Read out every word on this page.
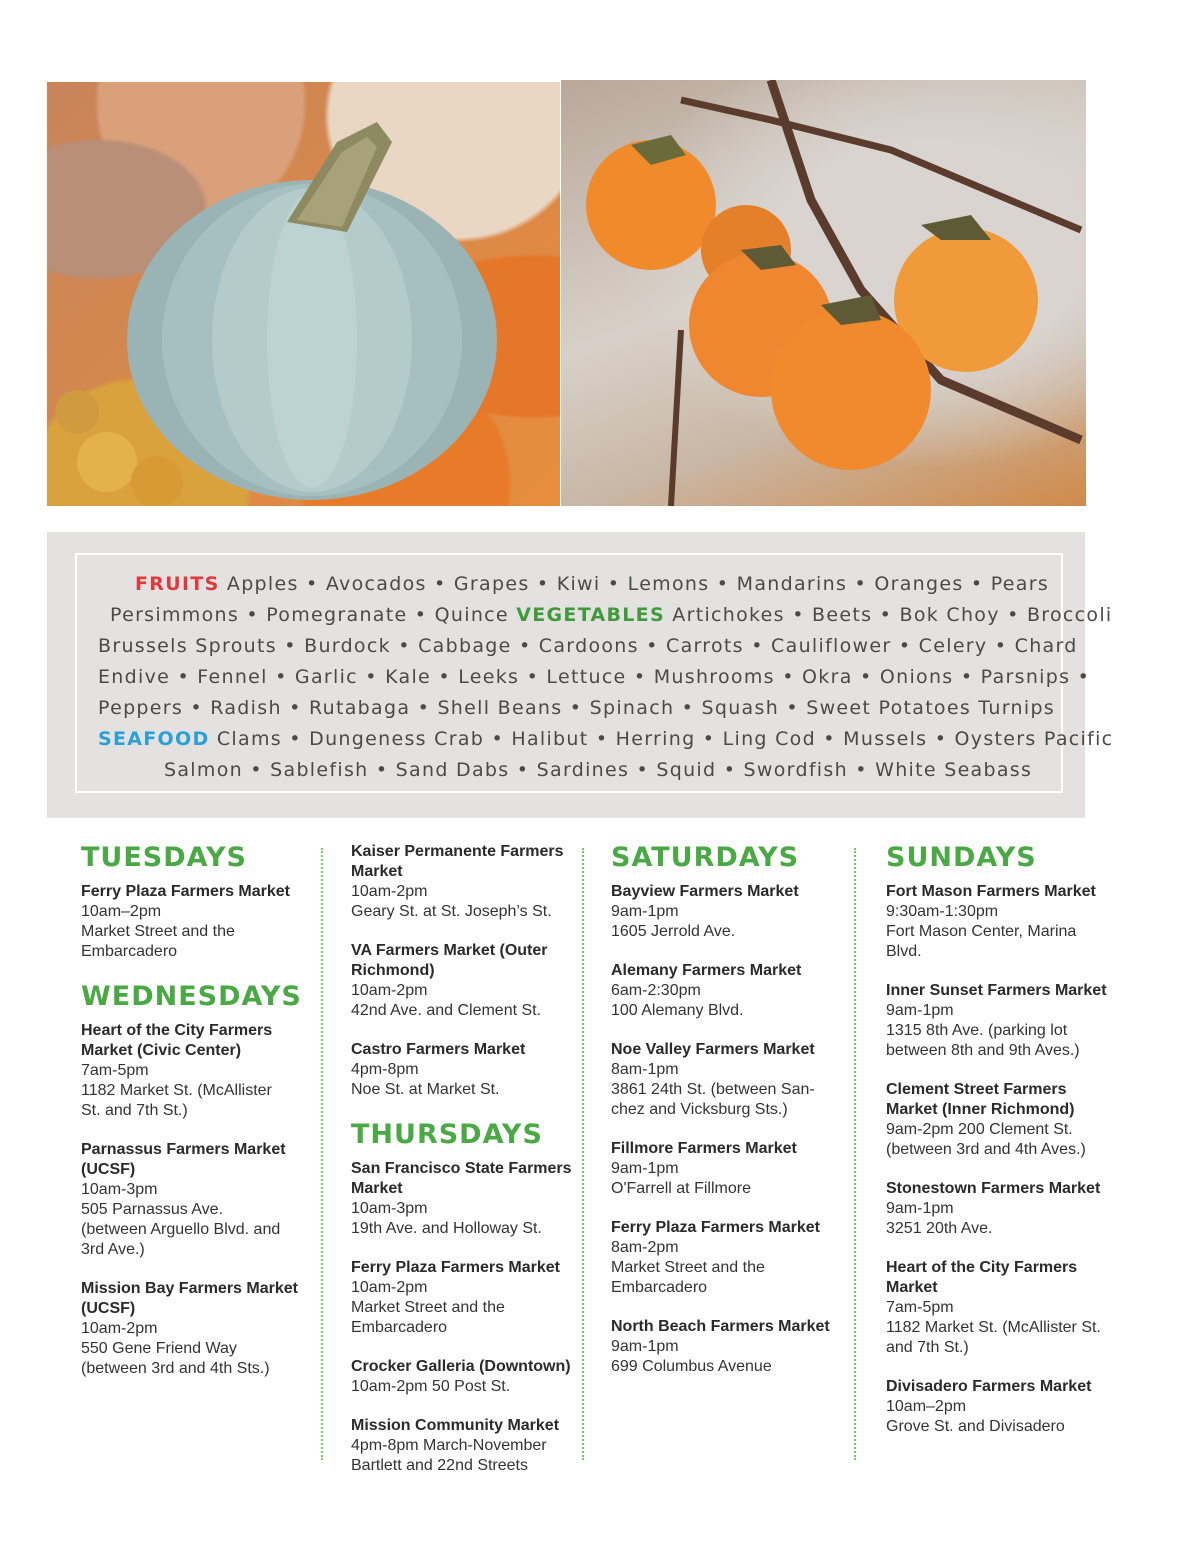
FRUITS Apples • Avocados • Grapes • Kiwi • Lemons • Mandarins • Oranges • Pears
Persimmons • Pomegranate • Quince VEGETABLES Artichokes • Beets • Bok Choy • Broccoli
Brussels Sprouts • Burdock • Cabbage • Cardoons • Carrots • Cauliflower • Celery • Chard
Endive • Fennel • Garlic • Kale • Leeks • Lettuce • Mushrooms • Okra • Onions • Parsnips •
Peppers • Radish • Rutabaga • Shell Beans • Spinach • Squash • Sweet Potatoes Turnips
SEAFOOD Clams • Dungeness Crab • Halibut • Herring • Ling Cod • Mussels • Oysters Pacific
Salmon • Sablefish • Sand Dabs • Sardines • Squid • Swordfish • White Seabass
TUESDAYS
Ferry Plaza Farmers Market
10am–2pm
Market Street and the
Embarcadero
WEDNESDAYS
Heart of the City Farmers Market (Civic Center)
7am-5pm
1182 Market St. (McAllister
St. and 7th St.)
Parnassus Farmers Market (UCSF)
10am-3pm
505 Parnassus Ave.
(between Arguello Blvd. and
3rd Ave.)
Mission Bay Farmers Market (UCSF)
10am-2pm
550 Gene Friend Way
(between 3rd and 4th Sts.)
Kaiser Permanente Farmers Market
10am-2pm
Geary St. at St. Joseph’s St.
VA Farmers Market (Outer Richmond)
10am-2pm
42nd Ave. and Clement St.
Castro Farmers Market
4pm-8pm
Noe St. at Market St.
THURSDAYS
San Francisco State Farmers Market
10am-3pm
19th Ave. and Holloway St.
Ferry Plaza Farmers Market
10am-2pm
Market Street and the
Embarcadero
Crocker Galleria (Downtown)
10am-2pm 50 Post St.
Mission Community Market
4pm-8pm March-November
Bartlett and 22nd Streets
SATURDAYS
Bayview Farmers Market
9am-1pm
1605 Jerrold Ave.
Alemany Farmers Market
6am-2:30pm
100 Alemany Blvd.
Noe Valley Farmers Market
8am-1pm
3861 24th St. (between San-
chez and Vicksburg Sts.)
Fillmore Farmers Market
9am-1pm
O'Farrell at Fillmore
Ferry Plaza Farmers Market
8am-2pm
Market Street and the
Embarcadero
North Beach Farmers Market
9am-1pm
699 Columbus Avenue
SUNDAYS
Fort Mason Farmers Market
9:30am-1:30pm
Fort Mason Center, Marina
Blvd.
Inner Sunset Farmers Market
9am-1pm
1315 8th Ave. (parking lot
between 8th and 9th Aves.)
Clement Street Farmers Market (Inner Richmond)
9am-2pm 200 Clement St.
(between 3rd and 4th Aves.)
Stonestown Farmers Market
9am-1pm
3251 20th Ave.
Heart of the City Farmers Market
7am-5pm
1182 Market St. (McAllister St.
and 7th St.)
Divisadero Farmers Market
10am–2pm
Grove St. and Divisadero
